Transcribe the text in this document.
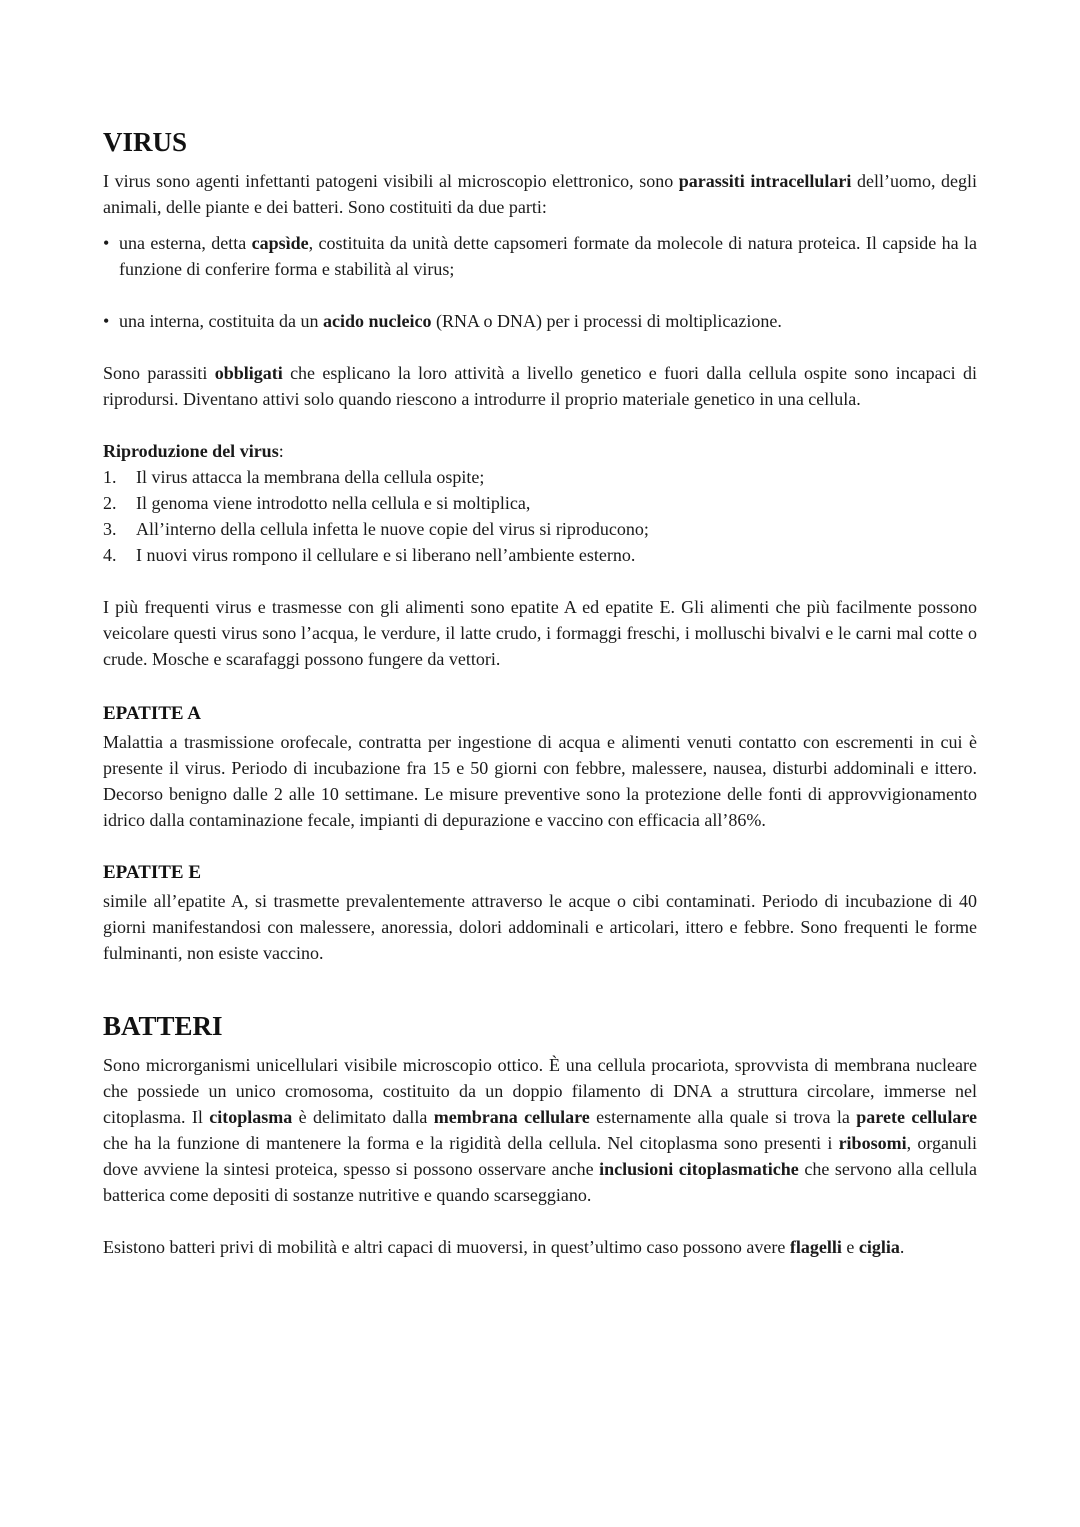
VIRUS

I virus sono agenti infettanti patogeni visibili al microscopio elettronico, sono parassiti intracellulari dell’uomo, degli animali, delle piante e dei batteri. Sono costituiti da due parti:

• una esterna, detta capsìde, costituita da unità dette capsomeri formate da molecole di natura proteica. Il capside ha la funzione di conferire forma e stabilità al virus;
• una interna, costituita da un acido nucleico (RNA o DNA) per i processi di moltiplicazione.

Sono parassiti obbligati che esplicano la loro attività a livello genetico e fuori dalla cellula ospite sono incapaci di riprodursi. Diventano attivi solo quando riescono a introdurre il proprio materiale genetico in una cellula.

Riproduzione del virus:
1.	Il virus attacca la membrana della cellula ospite;
2.	Il genoma viene introdotto nella cellula e si moltiplica,
3.	All’interno della cellula infetta le nuove copie del virus si riproducono;
4.	I nuovi virus rompono il cellulare e si liberano nell’ambiente esterno.

I più frequenti virus e trasmesse con gli alimenti sono epatite A ed epatite E. Gli alimenti che più facilmente possono veicolare questi virus sono l’acqua, le verdure, il latte crudo, i formaggi freschi, i molluschi bivalvi e le carni mal cotte o crude. Mosche e scarafaggi possono fungere da vettori.

EPATITE A

Malattia a trasmissione orofecale, contratta per ingestione di acqua e alimenti venuti contatto con escrementi in cui è presente il virus. Periodo di incubazione fra 15 e 50 giorni con febbre, malessere, nausea, disturbi addominali e ittero. Decorso benigno dalle 2 alle 10 settimane. Le misure preventive sono la protezione delle fonti di approvvigionamento idrico dalla contaminazione fecale, impianti di depurazione e vaccino con efficacia all’86%.

EPATITE E

simile all’epatite A, si trasmette prevalentemente attraverso le acque o cibi contaminati. Periodo di incubazione di 40 giorni manifestandosi con malessere, anoressia, dolori addominali e articolari, ittero e febbre. Sono frequenti le forme fulminanti, non esiste vaccino.

BATTERI

Sono microrganismi unicellulari visibile microscopio ottico. È una cellula procariota, sprovvista di membrana nucleare che possiede un unico cromosoma, costituito da un doppio filamento di DNA a struttura circolare, immerse nel citoplasma. Il citoplasma è delimitato dalla membrana cellulare esternamente alla quale si trova la parete cellulare che ha la funzione di mantenere la forma e la rigidità della cellula. Nel citoplasma sono presenti i ribosomi, organuli dove avviene la sintesi proteica, spesso si possono osservare anche inclusioni citoplasmatiche che servono alla cellula batterica come depositi di sostanze nutritive e quando scarseggiano.

Esistono batteri privi di mobilità e altri capaci di muoversi, in quest’ultimo caso possono avere flagelli e ciglia.
